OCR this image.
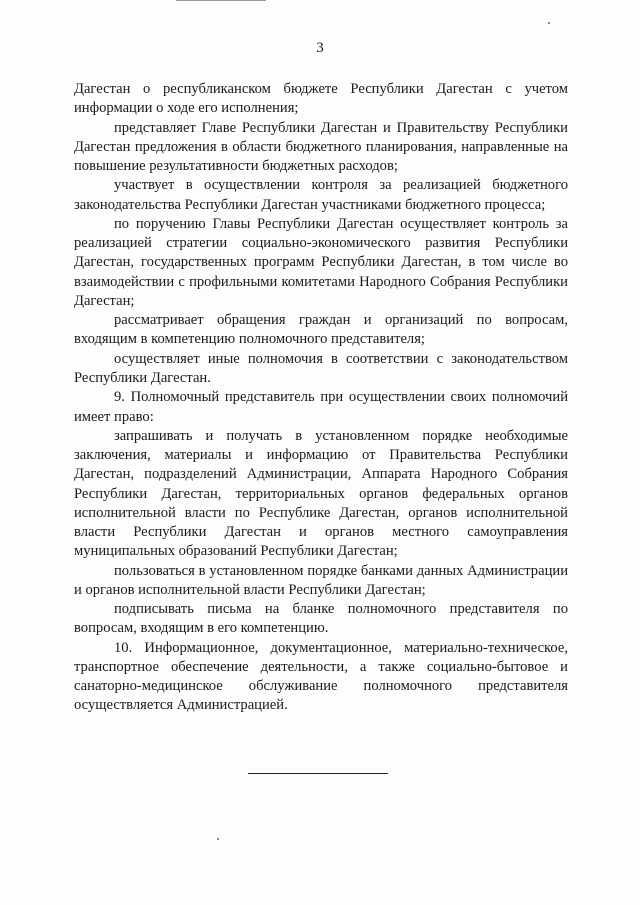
3

Дагестан о республиканском бюджете Республики Дагестан с учетом информации о ходе его исполнения;

представляет Главе Республики Дагестан и Правительству Республики Дагестан предложения в области бюджетного планирования, направленные на повышение результативности бюджетных расходов;

участвует в осуществлении контроля за реализацией бюджетного законодательства Республики Дагестан участниками бюджетного процесса;

по поручению Главы Республики Дагестан осуществляет контроль за реализацией стратегии социально-экономического развития Республики Дагестан, государственных программ Республики Дагестан, в том числе во взаимодействии с профильными комитетами Народного Собрания Республики Дагестан;

рассматривает обращения граждан и организаций по вопросам, входящим в компетенцию полномочного представителя;

осуществляет иные полномочия в соответствии с законодательством Республики Дагестан.

9. Полномочный представитель при осуществлении своих полномочий имеет право:

запрашивать и получать в установленном порядке необходимые заключения, материалы и информацию от Правительства Республики Дагестан, подразделений Администрации, Аппарата Народного Собрания Республики Дагестан, территориальных органов федеральных органов исполнительной власти по Республике Дагестан, органов исполнительной власти Республики Дагестан и органов местного самоуправления муниципальных образований Республики Дагестан;

пользоваться в установленном порядке банками данных Администрации и органов исполнительной власти Республики Дагестан;

подписывать письма на бланке полномочного представителя по вопросам, входящим в его компетенцию.

10. Информационное, документационное, материально-техническое, транспортное обеспечение деятельности, а также социально-бытовое и санаторно-медицинское обслуживание полномочного представителя осуществляется Администрацией.
